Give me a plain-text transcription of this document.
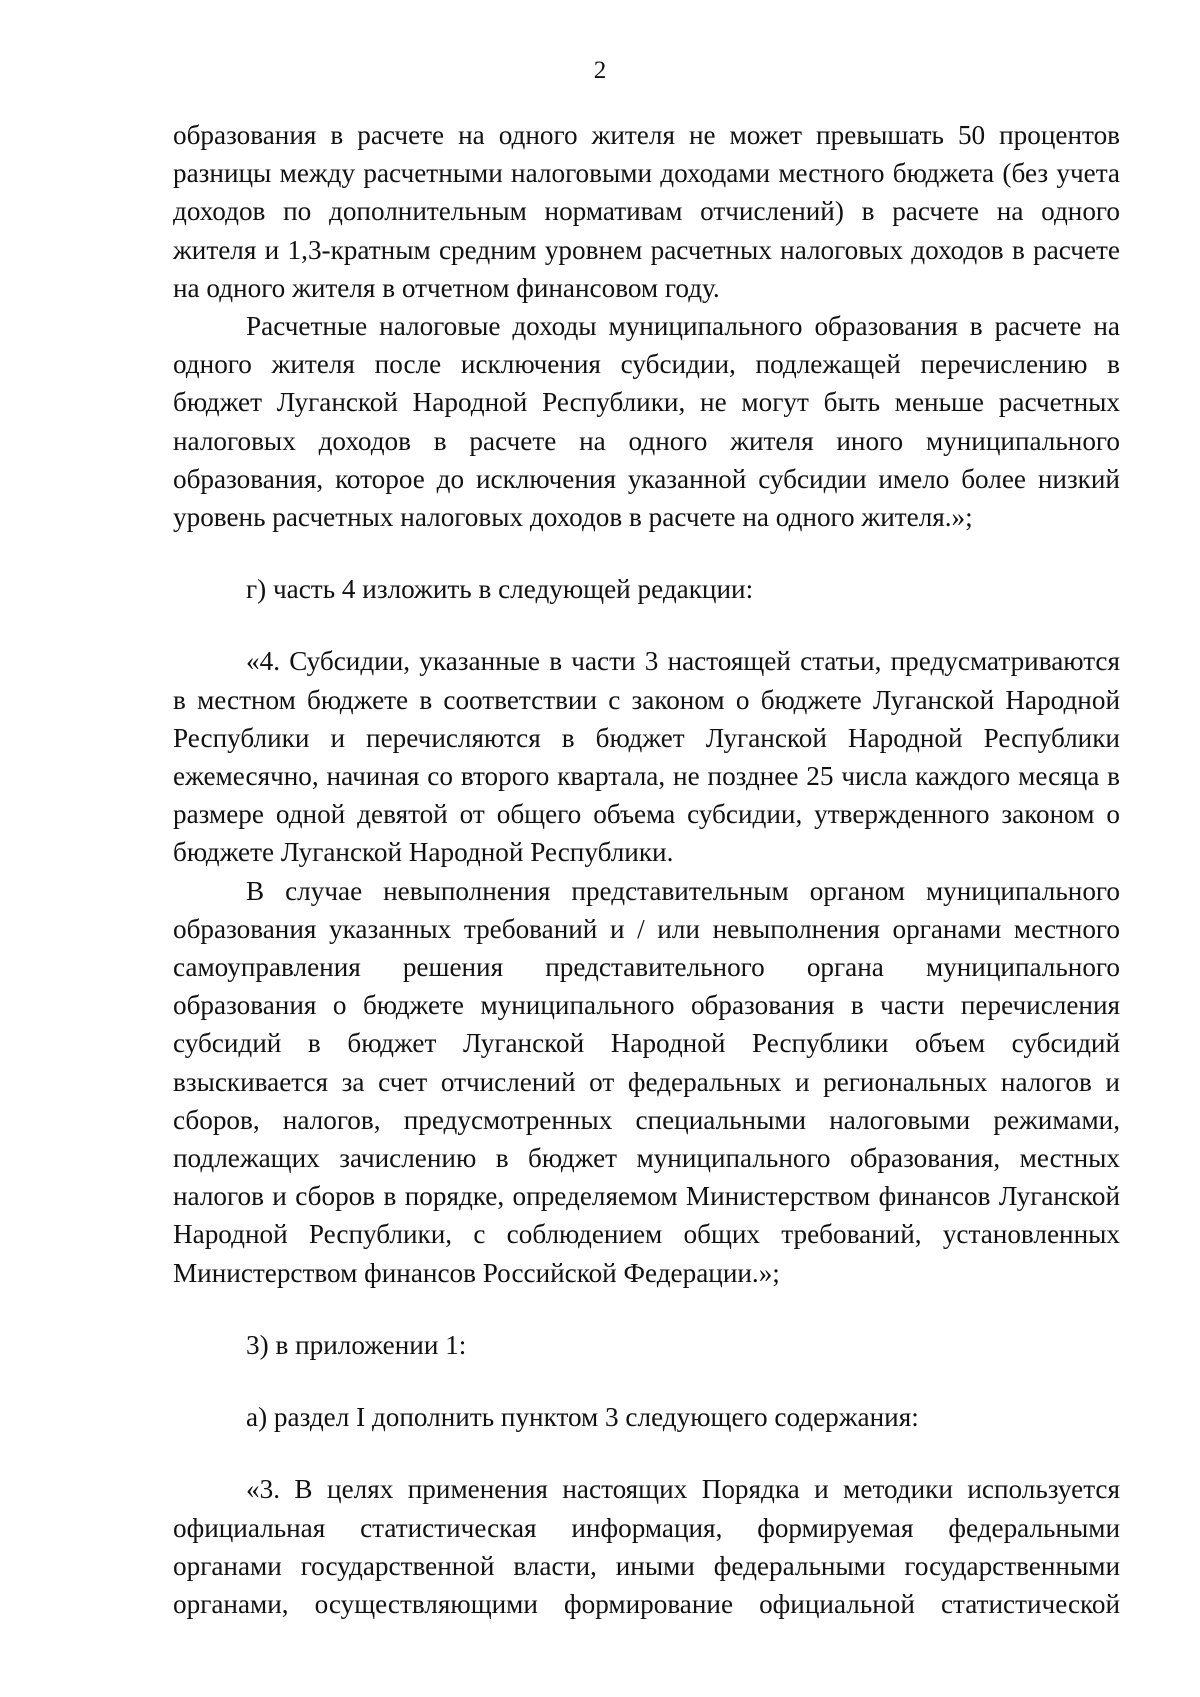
2

образования в расчете на одного жителя не может превышать 50 процентов разницы между расчетными налоговыми доходами местного бюджета (без учета доходов по дополнительным нормативам отчислений) в расчете на одного жителя и 1,3-кратным средним уровнем расчетных налоговых доходов в расчете на одного жителя в отчетном финансовом году.

Расчетные налоговые доходы муниципального образования в расчете на одного жителя после исключения субсидии, подлежащей перечислению в бюджет Луганской Народной Республики, не могут быть меньше расчетных налоговых доходов в расчете на одного жителя иного муниципального образования, которое до исключения указанной субсидии имело более низкий уровень расчетных налоговых доходов в расчете на одного жителя.»;

г) часть 4 изложить в следующей редакции:

«4. Субсидии, указанные в части 3 настоящей статьи, предусматриваются в местном бюджете в соответствии с законом о бюджете Луганской Народной Республики и перечисляются в бюджет Луганской Народной Республики ежемесячно, начиная со второго квартала, не позднее 25 числа каждого месяца в размере одной девятой от общего объема субсидии, утвержденного законом о бюджете Луганской Народной Республики.

В случае невыполнения представительным органом муниципального образования указанных требований и / или невыполнения органами местного самоуправления решения представительного органа муниципального образования о бюджете муниципального образования в части перечисления субсидий в бюджет Луганской Народной Республики объем субсидий взыскивается за счет отчислений от федеральных и региональных налогов и сборов, налогов, предусмотренных специальными налоговыми режимами, подлежащих зачислению в бюджет муниципального образования, местных налогов и сборов в порядке, определяемом Министерством финансов Луганской Народной Республики, с соблюдением общих требований, установленных Министерством финансов Российской Федерации.»;

3) в приложении 1:

а) раздел I дополнить пунктом 3 следующего содержания:

«3. В целях применения настоящих Порядка и методики используется официальная статистическая информация, формируемая федеральными органами государственной власти, иными федеральными государственными органами, осуществляющими формирование официальной статистической
